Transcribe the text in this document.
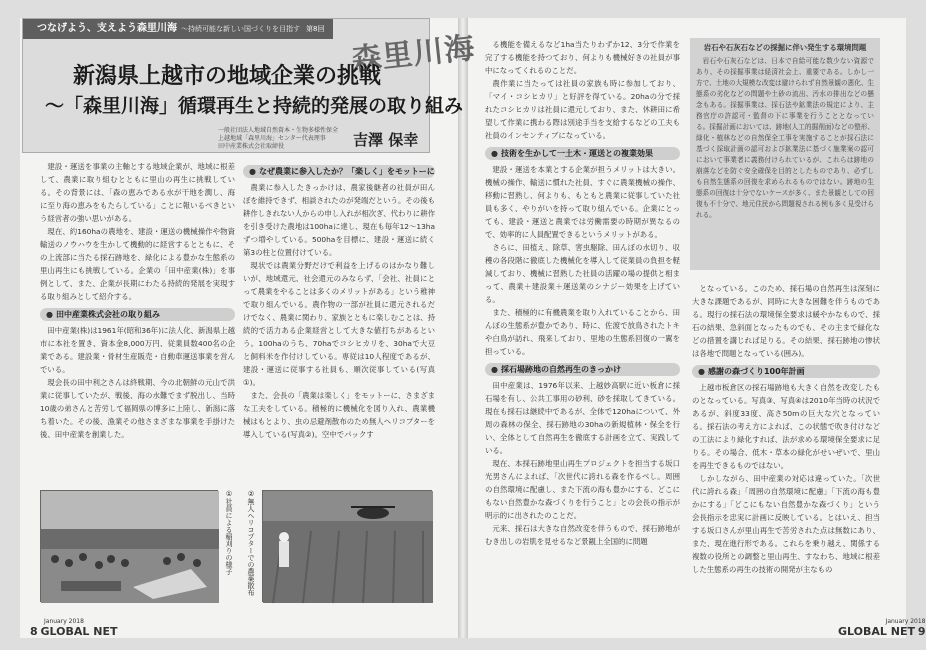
つなげよう、支えよう森里川海 ～持続可能な新しい国づくりを目指す 第8回
森里川海
新潟県上越市の地域企業の挑戦
～「森里川海」循環再生と持続的発展の取り組み
一般社団法人地域自然資本・生物多様性保全
上越地域「森里川海」センター代表理事
田中産業株式会社取締役	吉澤 保幸

建設・運送を事業の主軸とする地域企業が、地域に根差して、農業に取り組むとともに里山の再生に挑戦している。その背景には、「森の恵みである水が干地を潤し、海に至り海の恵みをもたらしている」ことに報いるべきという経営者の強い思いがある。

現在、約160haの農地を、建設・運送の機械操作や物資輸送のノウハウを生かして機動的に経営するとともに、その上流部に当たる採石跡地を、緑化による豊かな生態系の里山再生にも挑戦している。企業の「田中産業(株)」を事例として、また、企業が長期にわたる持続的発展を実現する取り組みとして紹介する。

● 田中産業株式会社の取り組み

田中産業(株)は1961年(昭和36年)に法人化、新潟県上越市に本社を置き、資本金8,000万円、従業員数400名の企業である。建設業・骨材生産販売・自動車運送事業を営んでいる。

現会長の田中利之さんは終戦期、今の北朝鮮の元山で洪業に従事していたが、戦後、海の水難でまず脱出し、当時10歳の弟さんと苦労して福岡県の博多に上陸し、新潟に落ち着いた。その後、漁業その他さまざまな事業を手掛けた後、田中産業を創業した。

● なぜ農業に参入したか？「楽しく」をモットーに

農業に参入したきっかけは、農家後継者の社員が田んぼを維持できず、相談されたのが発端だという。その後も耕作しきれない人からの申し入れが相次ぎ、代わりに耕作を引き受けた農地は100haに達し、現在も毎年12～13haずつ増やしている。500haを目標に、建設・運送に続く第3の柱と位置付けている。

現状では農業分野だけで利益を上げるのはかなり難しいが、地域還元、社会還元のみならず、「会社、社員にとって農業をやることは多くのメリットがある」という稚神で取り組んでいる。農作物の一部が社員に還元されるだけでなく、農業に関わり、家族とともに楽しむことは、持続的で活力ある企業経営として大きな値打ちがあるという。100haのうち、70haでコシヒカリを、30haで大豆と飼料米を作付けしている。専従は10人程度であるが、建設・運送に従事する社員も、順次従事している(写真①)。

また、会長の「農業は楽しく」をモットーに、さまざまな工夫をしている。積極的に機械化を図り入れ、農業機械はもとより、虫の忌避剤散布のため無人ヘリコプターを導入している(写真②)。空中でパックす

①社員による稲刈りの様子 ②無人ヘリコプターでの農薬散布

る機能を備えるなど1ha当たりわずか12、3分で作業を完了する機能を持つており、何よりも機械好きの社員が事中になってくれるのことだ。

農作業に当たっては社員の家族も時に参加しており、「マイ・コシヒカリ」と好評を得ている。20haの分で採れたコシヒカリは社員に還元しており、また、休耕田に希望して作業に携わる際は別途手当を支給するなどの工夫も社員のインセンティブになっている。

● 技術を生かして一土木・運送との複業効果

建設・運送を本業とする企業が担うメリットは大きい。機械の操作、輸送に慣れた社員、すぐに農業機械の操作、移動に習熟し、何よりも、もともと農業に従事していた社員も多く、やりがいを持って取り組んでいる。企業にとっても、建設・運送と農業では労働需要の時期が異なるので、効率的に人員配置できるというメリットがある。

さらに、田植え、除草、害虫駆除、田んぼの水切り、収穫の各段階に徹底した機械化を導入して従業員の負担を軽減しており、機械に習熟した社員の活躍の場の提供と相まって、農業＋建設業＋運送業のシナジー効果を上げている。

また、積極的に有機農業を取り入れていることから、田んぼの生態系が豊かであり、時に、佐渡で放鳥されたトキや白鳥が訪れ、飛来しており、里地の生態系回復の一翼を担っている。

● 採石場跡地の自然再生のきっかけ

田中産業は、1976年以来、上越妙高駅に近い板倉に採石場を有し、公共工事用の砂利、砂を採取してきている。現在も採石は継続中であるが、全体で120haについて、外周の森林の保全、採石跡地の30haの新規植林・保全を行い、全体として自然再生を徹底する計画を立て、実践している。

現在、本採石跡地里山再生プロジェクトを担当する坂口光男さんによれば、「次世代に誇れる森を作るべし。周囲の自然環境に配慮し、また下流の海も豊かにする、どこにもない自然豊かな森づくりを行うこと」との会長の指示が明示的に出されたのことだ。

元来、採石は大きな自然改変を伴うもので、採石跡地がむき出しの岩肌を見せるなど景観上全国的に問題

岩石や石灰石などの採掘に伴い発生する環境問題

岩石や石灰石などは、日本で自給可能な数少ない資源であり、その採掘事業は経済社会上、重要である。しかし一方で、土地の大規模な改変は避けられず自然景観の悪化、生態系の劣化などの問題や土砂の流出、汚水の排出などの懸念もある。採掘事業は、採石法や鉱業法の規定により、主務官庁の許認可・監督の下に事業を行うこととなっている。採掘計画においては、跡地(人工的掘削面)などの整形、緑化・植林などの自然保全工事を実施することが採石法に基づく採取計画の認可および鉱業法に基づく施業案の認可において事業者に義務付けられているが、これらは跡地の崩落などを防ぐ安全確保を目的としたものであり、必ずしも自然生態系の回復を求められるものではない。跡地の生態系の回復は十分でないケースが多く、また景観としての回復も不十分で、地元住民から問題視される例も多く見受けられる。

となっている。このため、採石場の自然再生は深刻に大きな課題であるが、同時に大きな困難を伴うものである。現行の採石法の環境保全要求は緩やかなもので、採石の結果、急斜面となったものでも、その主まで緑化などの措置を講じれば足りる。その結果、採石跡地の惨状は各地で問題となっている(囲み)。

● 感謝の森づくり100年計画

上越市板倉区の採石場跡地も大きく自然を改変したものとなっている。写真③、写真④は2010年当時の状況であるが、斜度33度、高さ50mの巨大な穴となっている。採石法の考え方によれば、この状態で吹き付けなどの工法により緑化すれば、法が求める環境保全要求に足りる。その場合、低木・草本の緑化がせいぜいで、里山を再生できるものではない。

しかしながら、田中産業の対応は違っていた。「次世代に誇れる森」「周囲の自然環境に配慮」「下流の海も豊かにする」「どこにもない自然豊かな森づくり」という会長指示を忠実に計画に反映している。とはいえ、担当する坂口さんが里山再生で苦労された点は無数にあり、また、現在進行形である。これらを乗り越え、関係する複数の役所との調整と里山再生、すなわち、地域に根差した生態系の再生の技術の開発が主なもの

January 2018
8 GLOBAL NET
January 2018
GLOBAL NET 9
